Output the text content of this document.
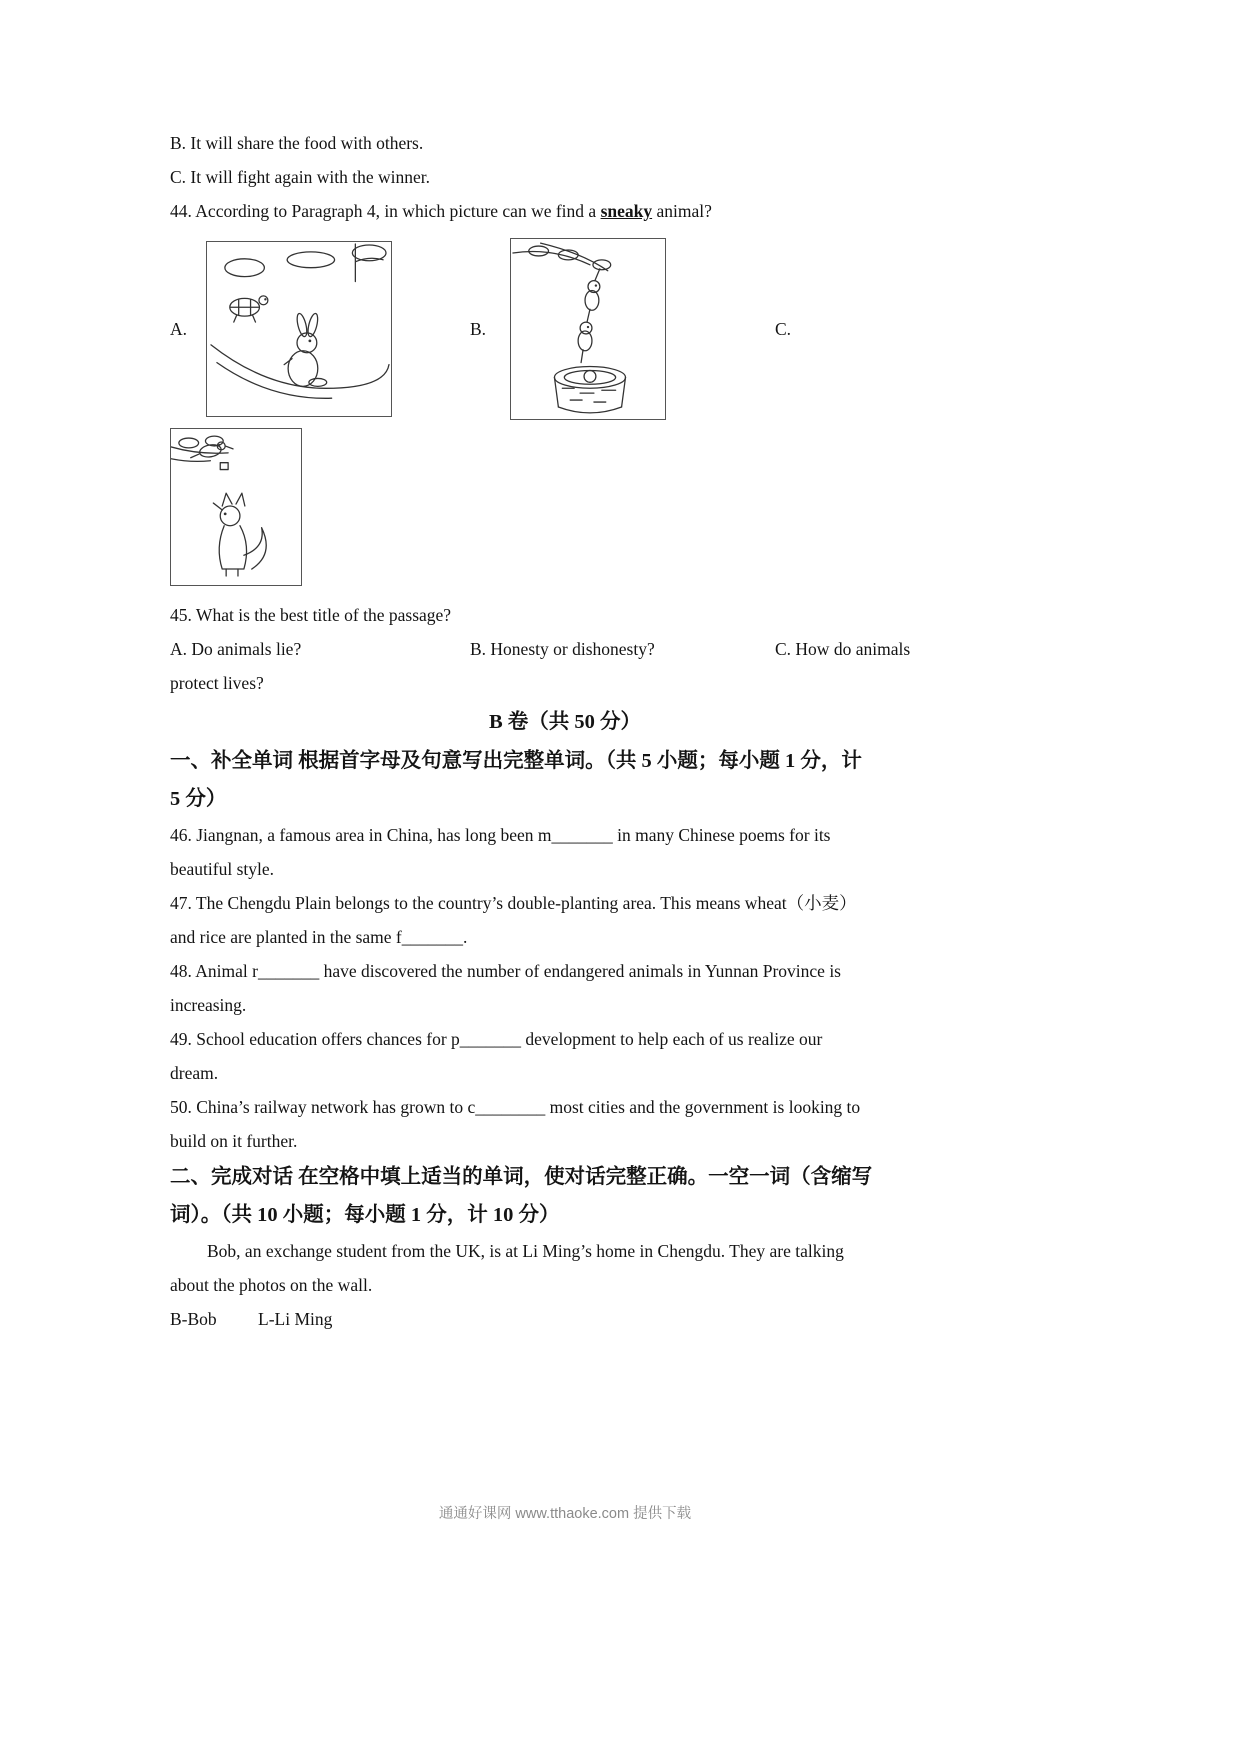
B. It will share the food with others.

C. It will fight again with the winner.

44. According to Paragraph 4, in which picture can we find a sneaky animal?

A.	B.	C.

45. What is the best title of the passage?

A. Do animals lie?	B. Honesty or dishonesty?	C. How do animals

protect lives?

B 卷（共 50 分）

一、补全单词 根据首字母及句意写出完整单词。（共 5 小题；每小题 1 分，计

5 分）

46. Jiangnan, a famous area in China, has long been m_______ in many Chinese poems for its

beautiful style.

47. The Chengdu Plain belongs to the country’s double-planting area. This means wheat（小麦）

and rice are planted in the same f_______.

48. Animal r_______ have discovered the number of endangered animals in Yunnan Province is

increasing.

49. School education offers chances for p_______ development to help each of us realize our

dream.

50. China’s railway network has grown to c________ most cities and the government is looking to

build on it further.

二、完成对话 在空格中填上适当的单词，使对话完整正确。一空一词（含缩写

词）。（共 10 小题；每小题 1 分，计 10 分）

Bob, an exchange student from the UK, is at Li Ming’s home in Chengdu. They are talking

about the photos on the wall.

B-Bob L-Li Ming

通通好课网 www.tthaoke.com 提供下载
